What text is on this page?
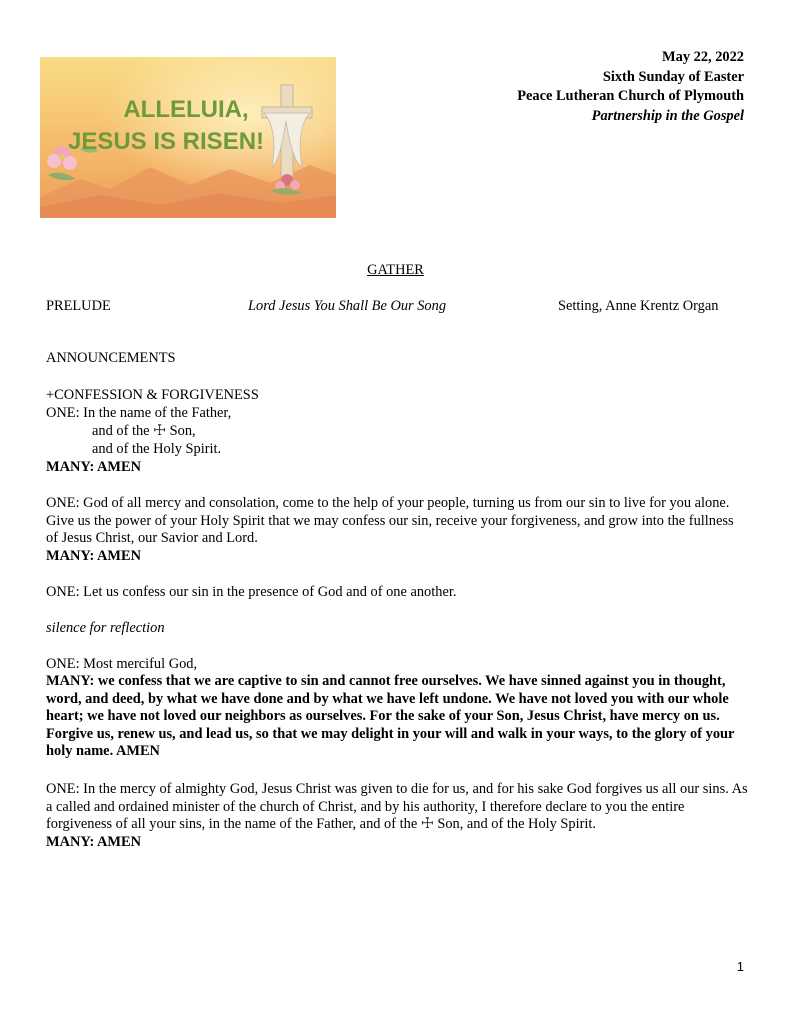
ALLELUIA,
JESUS IS RISEN!
May 22, 2022
Sixth Sunday of Easter
Peace Lutheran Church of Plymouth
Partnership in the Gospel
GATHER
PRELUDE	Lord Jesus You Shall Be Our Song	Setting, Anne Krentz Organ
ANNOUNCEMENTS
+CONFESSION & FORGIVENESS
ONE: In the name of the Father,
and of the ☩ Son,
and of the Holy Spirit.
MANY: AMEN
ONE: God of all mercy and consolation, come to the help of your people, turning us from our sin to live for you alone. Give us the power of your Holy Spirit that we may confess our sin, receive your forgiveness, and grow into the fullness of Jesus Christ, our Savior and Lord.
MANY: AMEN
ONE: Let us confess our sin in the presence of God and of one another.
silence for reflection
ONE: Most merciful God,
MANY: we confess that we are captive to sin and cannot free ourselves. We have sinned against you in thought, word, and deed, by what we have done and by what we have left undone. We have not loved you with our whole heart; we have not loved our neighbors as ourselves. For the sake of your Son, Jesus Christ, have mercy on us. Forgive us, renew us, and lead us, so that we may delight in your will and walk in your ways, to the glory of your holy name. AMEN
ONE: In the mercy of almighty God, Jesus Christ was given to die for us, and for his sake God forgives us all our sins. As a called and ordained minister of the church of Christ, and by his authority, I therefore declare to you the entire forgiveness of all your sins, in the name of the Father, and of the ☩ Son, and of the Holy Spirit.
MANY: AMEN
1
